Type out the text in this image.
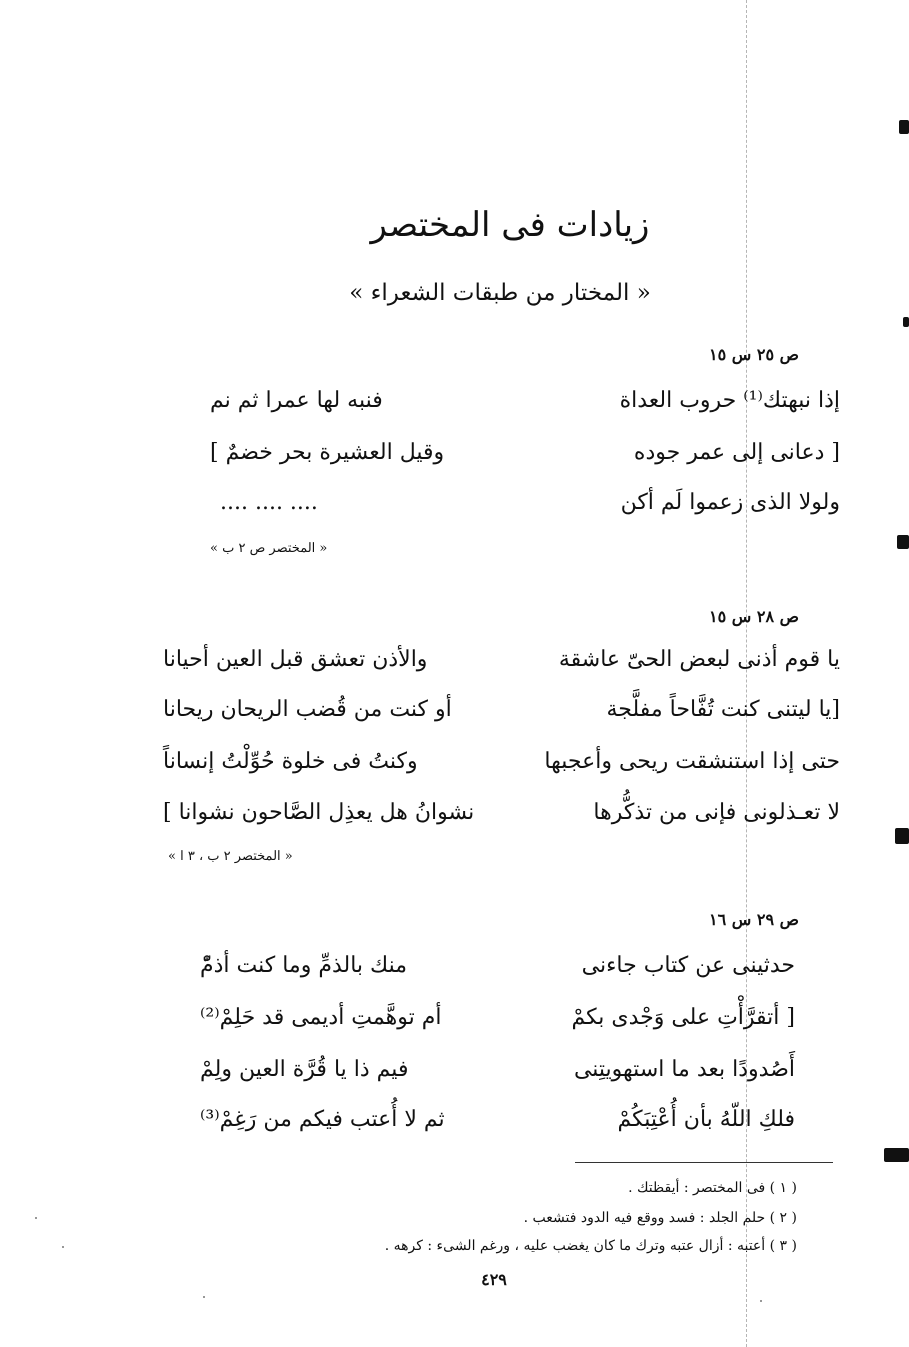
زيادات فى المختصر
« المختار من طبقات الشعراء »
ص ٢٥ س ١٥
إذا نبهتك⁽¹⁾ حروب العداة
فنبه لها عمرا ثم نم
[ دعانى إلى عمر جوده
وقيل العشيرة بحر خضمٌ ]
ولولا الذى زعموا لَم أكن
.... .... ....
« المختصر ص ٢ ب »
ص ٢٨ س ١٥
يا قوم أذنى لبعض الحىّ عاشقة
والأذن تعشق قبل العين أحيانا
[يا ليتنى كنت تُفَّاحاً مفلَّجة
أو كنت من قُضب الريحان ريحانا
حتى إذا استنشقت ريحى وأعجبها
وكنتُ فى خلوة حُوِّلْتُ إنساناً
لا تعـذلونى فإنى من تذكُّرها
نشوانُ هل يعذِل الصَّاحون نشوانا ]
« المختصر ٢ ب ، ٣ ا »
ص ٢٩ س ١٦
حدثينى عن كتاب جاءنى
منك بالذمِّ وما كنت أذمّْ
[ أتقرَّأْتِ على وَجْدى بكمْ
أم توهَّمتِ أديمى قد حَلِمْ⁽²⁾
أَصُدودًا بعد ما استهويتِنى
فيم ذا يا قُرَّة العين ولِمْ
فلكِ اللّهُ بأن أُعْتِبَكُمْ
ثم لا أُعتب فيكم من رَغِمْ⁽³⁾
( ١ ) فى المختصر : أيقظتك .
( ٢ ) حلم الجلد : فسد ووقع فيه الدود فتشعب .
( ٣ ) أعتبه : أزال عتبه وترك ما كان يغضب عليه ، ورغم الشىء : كرهه .
٤٢٩
